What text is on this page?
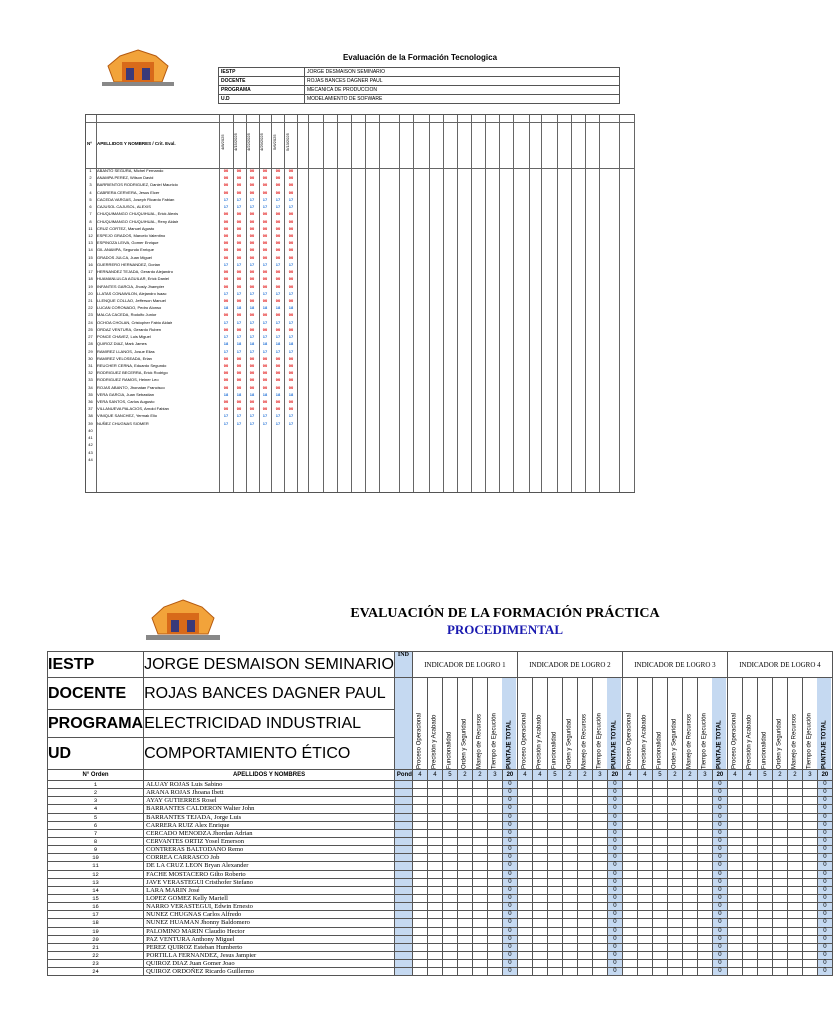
Evaluación de la Formación Tecnologica
IESTP	JORGE DESMAISON SEMINARIO
DOCENTE	ROJAS BANCES DAGNER PAUL
PROGRAMA	MECANICA DE PRODUCCION
U.D	MODELAMIENTO DE SOFWARE
Nº APELLIDOS Y NOMBRES / Crit. Eval.	4/8/2025	4/15/2025	4/22/2025	4/29/2025	5/6/2025	5/13/2025
1	ABANTO SEGURA, Michel Fernando	00	00	00	00	00	00
2	ANAMPA PEREZ, Wilson David	00	00	00	00	00	00
3	BARRIENTOS RODRIGUEZ, Daniel Mauricio	00	00	00	00	00	00
4	CABRERA CERVERA, Jesus Elcer	00	00	00	00	00	00
5	CACEDA VARGAS, Joseph Ricardo Fabian	17	17	17	17	17	17
6	CAJUSOL CAJUSOL, ALEXIS	17	17	17	17	17	17
7	CHUQUIMANGO CHUQUIHUAL, Erick Alexis	00	00	00	00	00	00
8	CHUQUIMANGO CHUQUIHUAL, Reny Aldair	00	00	00	00	00	00
11	CRUZ CORTEZ, Manuel Agusto	00	00	00	00	00	00
12	ESPEJO GRADOS, Marcelo Valentino	00	00	00	00	00	00
13	ESPINOZA LEIVA, Gomer Enrique	00	00	00	00	00	00
14	GIL ANAMPA, Segundo Enrique	00	00	00	00	00	00
15	GRADOS JULCA, Juan Miguel	00	00	00	00	00	00
16	GUERRERO HERNANDEZ, Dorian	17	17	17	17	17	17
17	HERNANDEZ TEJADA, Gerardo Alejandro	00	00	00	00	00	00
18	HUAMANLULCA AGUILAR, Erick Daniel	00	00	00	00	00	00
19	INFANTES GARCIA, Jhosly Jhampier	00	00	00	00	00	00
20	LLATAS CONAWILON, Alejandro Isaac	17	17	17	17	17	17
21	LLENQUE COLLAO, Jefferson Manuel	00	00	00	00	00	00
22	LUCAN CORONADO, Pedro Alonso	18	18	18	18	18	18
23	MALCA CACEDA, Rodolfo Junior	00	00	00	00	00	00
24	OCHOA CHOLAN, Cristopher Fabio Aldair	17	17	17	17	17	17
25	ORDAZ VENTURA, Gerardo Ruben	00	00	00	00	00	00
27	PONCE CHAVEZ, Luis Miguel	17	17	17	17	17	17
28	QUIROZ DIAZ, Mark James	18	18	18	18	18	18
29	RAMIREZ LLANOS, Josue Elias	17	17	17	17	17	17
30	RAMIREZ VELOSEADA, Erlan	00	00	00	00	00	00
31	REUCHER CERNA, Eduardo Segundo	00	00	00	00	00	00
32	RODRIGUEZ BECERRA, Erick Rodrigo	00	00	00	00	00	00
33	RODRIGUEZ RAMOS, Heiner Leo	00	00	00	00	00	00
34	ROJAS ABANTO, Jhonatan Francisco	00	00	00	00	00	00
35	VERA GARCIA, Juan Sebastian	18	18	18	18	18	18
36	VERA SANTOS, Carlos Augusto	00	00	00	00	00	00
37	VILLANUEVA PALACIOS, Arnold Fabian	00	00	00	00	00	00
38	VINIQUE SANCHEZ, Yermak Elio	17	17	17	17	17	17
39	NUÑEZ CHUGNAS SIOMER	17	17	17	17	17	17
40
41
42
43
44
EVALUACIÓN DE LA FORMACIÓN PRÁCTICA
PROCEDIMENTAL
IESTP	JORGE DESMAISON SEMINARIO	IND	INDICADOR DE LOGRO 1							INDICADOR DE LOGRO 2							INDICADOR DE LOGRO 3							INDICADOR DE LOGRO 4						
DOCENTE	ROJAS BANCES DAGNER PAUL		Proceso Operacional	Precisión y Acabado	Funcionalidad	Orden y Seguridad	Manejo de Recursos	Tiempo de Ejecución	PUNTAJE TOTAL	Proceso Operacional	Precisión y Acabado	Funcionalidad	Orden y Seguridad	Manejo de Recursos	Tiempo de Ejecución	PUNTAJE TOTAL	Proceso Operacional	Precisión y Acabado	Funcionalidad	Orden y Seguridad	Manejo de Recursos	Tiempo de Ejecución	PUNTAJE TOTAL	Proceso Operacional	Precisión y Acabado	Funcionalidad	Orden y Seguridad	Manejo de Recursos	Tiempo de Ejecución	PUNTAJE TOTAL
PROGRAMA	ELECTRICIDAD INDUSTRIAL																													
UD	COMPORTAMIENTO ÉTICO																													
N° Orden	APELLIDOS Y NOMBRES	Pond	4	4	5	2	2	3	20	4	4	5	2	2	3	20	4	4	5	2	2	3	20	4	4	5	2	2	3	20
1	ALUAY ROJAS Luis Sabino								0							0							0							0
2	ARANA ROJAS Jhoana Ibett								0							0							0							0
3	AYAY GUTIERRES Rosel								0							0							0							0
4	BARRANTES CALDERON Walter John								0							0							0							0
5	BARRANTES TEJADA, Jorge Luis								0							0							0							0
6	CARRERA RUIZ Alex Enrique								0							0							0							0
7	CERCADO MENODZA Jhordan Adrian								0							0							0							0
8	CERVANTES ORTIZ Yosel Emerson								0							0							0							0
9	CONTRERAS BALTODANO Remo								0							0							0							0
10	CORREA CARRASCO Job								0							0							0							0
11	DE LA CRUZ LEON Bryan Alexander								0							0							0							0
12	FACHE MOSTACERO Gilto Roberto								0							0							0							0
13	JAVE VERASTEGUI Cristhofer Stefano								0							0							0							0
14	LARA MARIN José								0							0							0							0
15	LOPEZ GOMEZ Kelly Mariell								0							0							0							0
16	NARRO VERASTEGUI, Edwin Ernesto								0							0							0							0
17	NUNEZ CHUGNAS Carlos Alfredo								0							0							0							0
18	NUNEZ HUAMAN Jhonny Baldomero								0							0							0							0
19	PALOMINO MARIN Claudio Hector								0							0							0							0
20	PAZ VENTURA Anthony Miguel								0							0							0							0
21	PEREZ QUIROZ Esteban Humberto								0							0							0							0
22	PORTILLA FERNANDEZ, Jesus Jampier								0							0							0							0
23	QUIROZ DIAZ Juan Gomer Joao								0							0							0							0
24	QUIROZ ORDOÑEZ Ricardo Guillermo								0							0							0							0
